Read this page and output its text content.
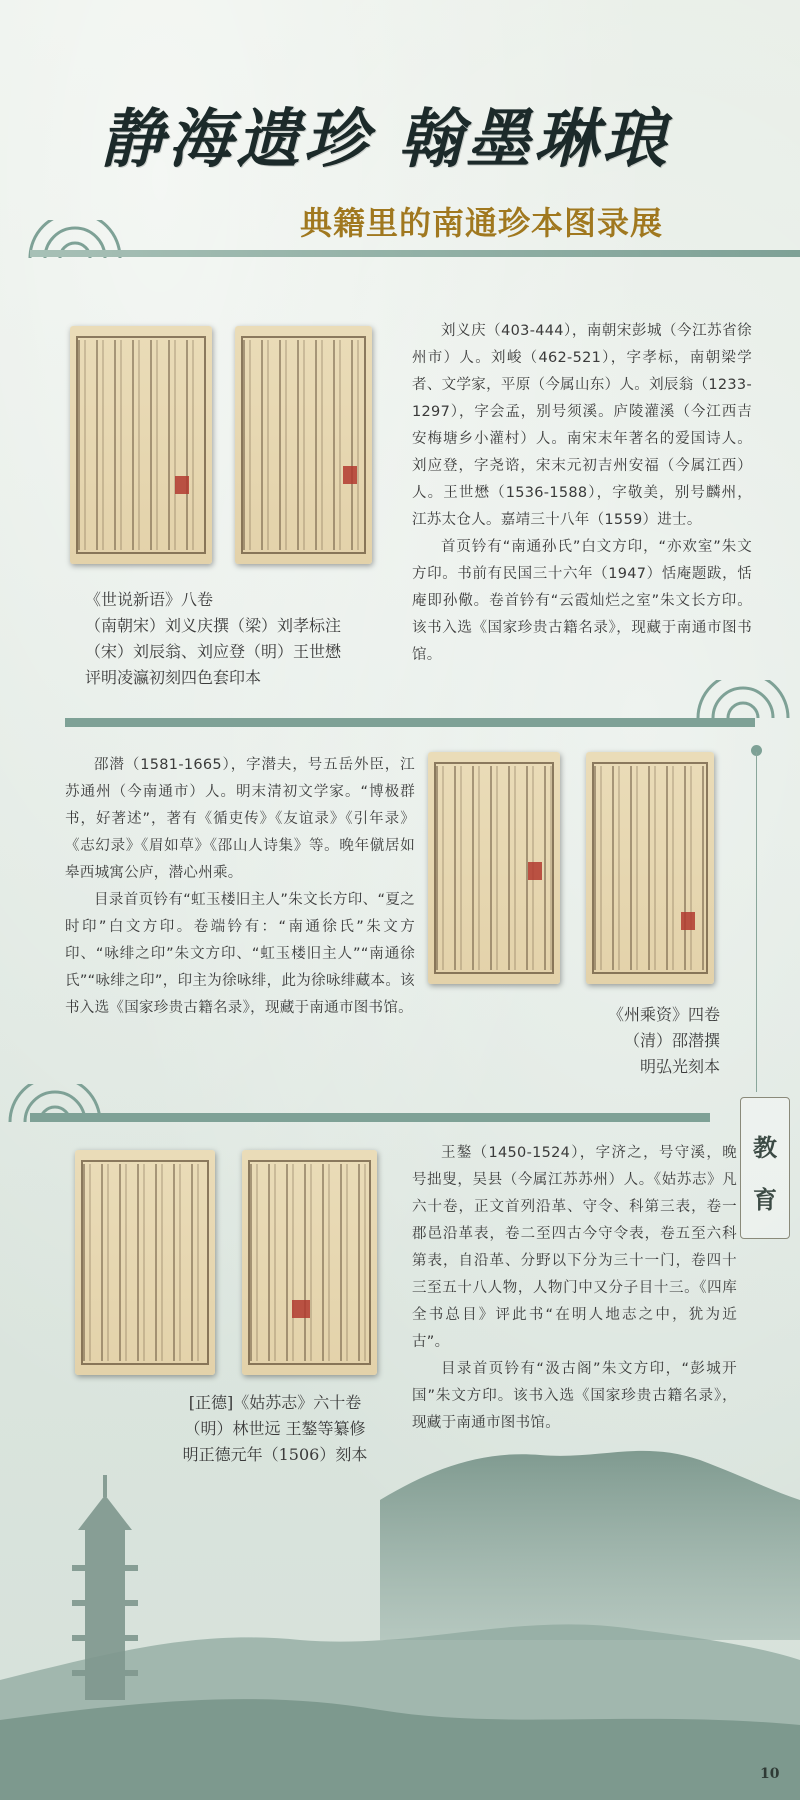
静海遗珍 翰墨琳琅
典籍里的南通珍本图录展
《世说新语》八卷
（南朝宋）刘义庆撰（梁）刘孝标注
（宋）刘辰翁、刘应登（明）王世懋
评明凌瀛初刻四色套印本

刘义庆（403-444），南朝宋彭城（今江苏省徐州市）人。刘峻（462-521），字孝标，南朝梁学者、文学家，平原（今属山东）人。刘辰翁（1233-1297），字会孟，别号须溪。庐陵灌溪（今江西吉安梅塘乡小灌村）人。南宋末年著名的爱国诗人。刘应登，字尧谘，宋末元初吉州安福（今属江西）人。王世懋（1536-1588），字敬美，别号麟州，江苏太仓人。嘉靖三十八年（1559）进士。

首页钤有“南通孙氏”白文方印，“亦欢室”朱文方印。书前有民国三十六年（1947）恬庵题跋，恬庵即孙儆。卷首钤有“云霞灿烂之室”朱文长方印。该书入选《国家珍贵古籍名录》，现藏于南通市图书馆。

邵潜（1581-1665），字潜夫，号五岳外臣，江苏通州（今南通市）人。明末清初文学家。“博极群书，好著述”，著有《循吏传》《友谊录》《引年录》《志幻录》《眉如草》《邵山人诗集》等。晚年僦居如皋西城寓公庐，潜心州乘。

目录首页钤有“虹玉楼旧主人”朱文长方印、“夏之时印”白文方印。卷端钤有：“南通徐氏”朱文方印、“咏绯之印”朱文方印、“虹玉楼旧主人”“南通徐氏”“咏绯之印”，印主为徐咏绯，此为徐咏绯藏本。该书入选《国家珍贵古籍名录》，现藏于南通市图书馆。	《州乘资》四卷
（清）邵潜撰
明弘光刻本
教
育
[正德]《姑苏志》六十卷
（明）林世远 王鏊等纂修
明正德元年（1506）刻本

王鏊（1450-1524），字济之，号守溪，晚号拙叟，吴县（今属江苏苏州）人。《姑苏志》凡六十卷，正文首列沿革、守令、科第三表，卷一郡邑沿革表，卷二至四古今守令表，卷五至六科第表，自沿革、分野以下分为三十一门，卷四十三至五十八人物，人物门中又分子目十三。《四库全书总目》评此书“在明人地志之中，犹为近古”。

目录首页钤有“汲古阁”朱文方印，“彭城开国”朱文方印。该书入选《国家珍贵古籍名录》，现藏于南通市图书馆。

10
